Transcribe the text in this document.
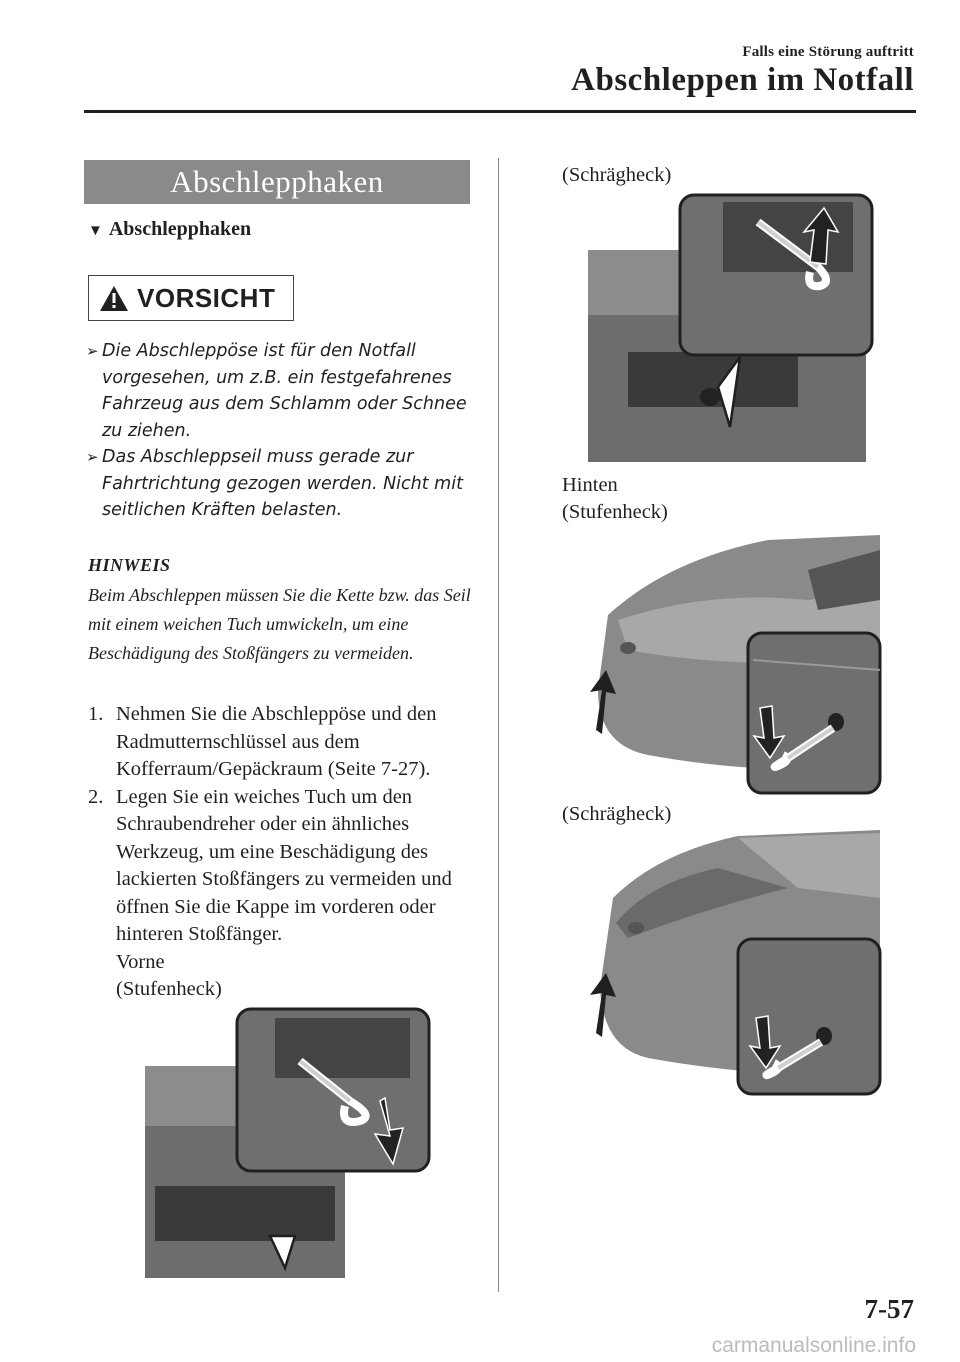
Falls eine Störung auftritt
Abschleppen im Notfall
Abschlepphaken
▼ Abschlepphaken
VORSICHT
➢ Die Abschleppöse ist für den Notfall vorgesehen, um z.B. ein festgefahrenes Fahrzeug aus dem Schlamm oder Schnee zu ziehen.
➢ Das Abschleppseil muss gerade zur Fahrtrichtung gezogen werden. Nicht mit seitlichen Kräften belasten.
HINWEIS
Beim Abschleppen müssen Sie die Kette bzw. das Seil mit einem weichen Tuch umwickeln, um eine Beschädigung des Stoßfängers zu vermeiden.
1. Nehmen Sie die Abschleppöse und den Radmutternschlüssel aus dem Kofferraum/Gepäckraum (Seite 7-27).
2. Legen Sie ein weiches Tuch um den Schraubendreher oder ein ähnliches Werkzeug, um eine Beschädigung des lackierten Stoßfängers zu vermeiden und öffnen Sie die Kappe im vorderen oder hinteren Stoßfänger.
Vorne
(Stufenheck)
(Schrägheck)
Hinten
(Stufenheck)
(Schrägheck)
7-57
carmanualsonline.info
